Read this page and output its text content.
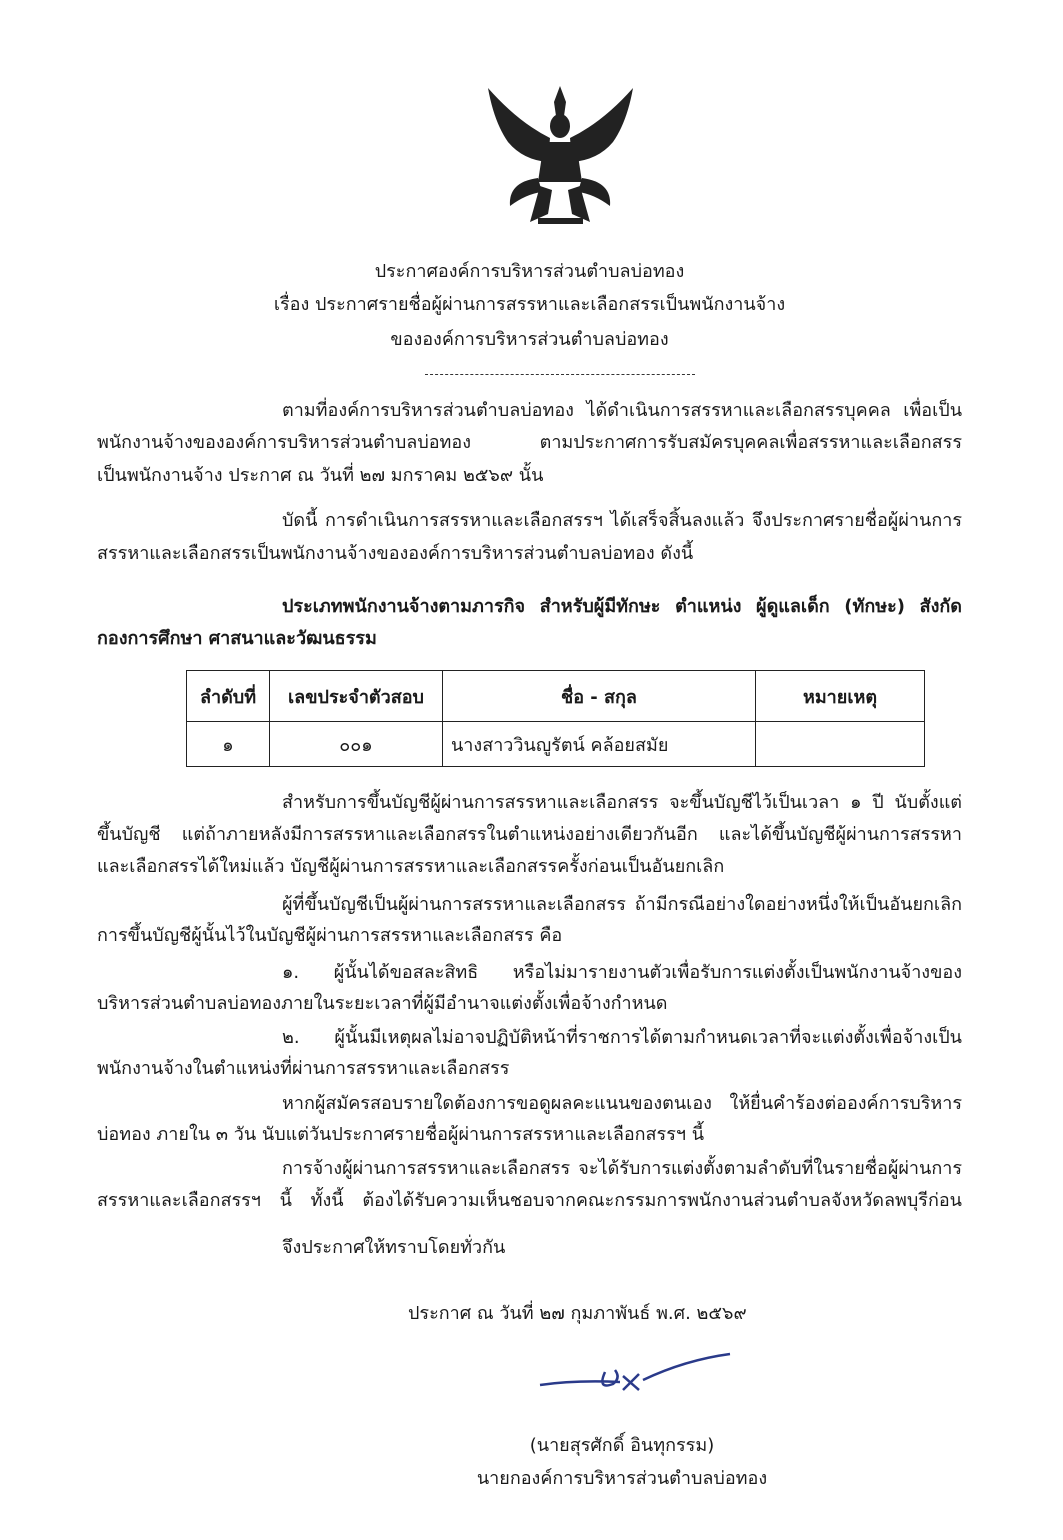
ประกาศองค์การบริหารส่วนตำบลบ่อทอง
เรื่อง ประกาศรายชื่อผู้ผ่านการสรรหาและเลือกสรรเป็นพนักงานจ้าง
ขององค์การบริหารส่วนตำบลบ่อทอง
ตามที่องค์การบริหารส่วนตำบลบ่อทอง ได้ดำเนินการสรรหาและเลือกสรรบุคคล เพื่อเป็น
พนักงานจ้างขององค์การบริหารส่วนตำบลบ่อทอง ตามประกาศการรับสมัครบุคคลเพื่อสรรหาและเลือกสรร
เป็นพนักงานจ้าง ประกาศ ณ วันที่ ๒๗ มกราคม ๒๕๖๙ นั้น
บัดนี้ การดำเนินการสรรหาและเลือกสรรฯ ได้เสร็จสิ้นลงแล้ว จึงประกาศรายชื่อผู้ผ่านการ
สรรหาและเลือกสรรเป็นพนักงานจ้างขององค์การบริหารส่วนตำบลบ่อทอง ดังนี้
ประเภทพนักงานจ้างตามภารกิจ สำหรับผู้มีทักษะ ตำแหน่ง ผู้ดูแลเด็ก (ทักษะ) สังกัด
กองการศึกษา ศาสนาและวัฒนธรรม
ลำดับที่	เลขประจำตัวสอบ	ชื่อ - สกุล	หมายเหตุ
๑	๐๐๑	นางสาววินญูรัตน์ คล้อยสมัย	
สำหรับการขึ้นบัญชีผู้ผ่านการสรรหาและเลือกสรร จะขึ้นบัญชีไว้เป็นเวลา ๑ ปี นับตั้งแต่
ขึ้นบัญชี แต่ถ้าภายหลังมีการสรรหาและเลือกสรรในตำแหน่งอย่างเดียวกันอีก และได้ขึ้นบัญชีผู้ผ่านการสรรหา
และเลือกสรรได้ใหม่แล้ว บัญชีผู้ผ่านการสรรหาและเลือกสรรครั้งก่อนเป็นอันยกเลิก
ผู้ที่ขึ้นบัญชีเป็นผู้ผ่านการสรรหาและเลือกสรร ถ้ามีกรณีอย่างใดอย่างหนึ่งให้เป็นอันยกเลิก
การขึ้นบัญชีผู้นั้นไว้ในบัญชีผู้ผ่านการสรรหาและเลือกสรร คือ
๑. ผู้นั้นได้ขอสละสิทธิ หรือไม่มารายงานตัวเพื่อรับการแต่งตั้งเป็นพนักงานจ้างของ
บริหารส่วนตำบลบ่อทองภายในระยะเวลาที่ผู้มีอำนาจแต่งตั้งเพื่อจ้างกำหนด
๒. ผู้นั้นมีเหตุผลไม่อาจปฏิบัติหน้าที่ราชการได้ตามกำหนดเวลาที่จะแต่งตั้งเพื่อจ้างเป็น
พนักงานจ้างในตำแหน่งที่ผ่านการสรรหาและเลือกสรร
หากผู้สมัครสอบรายใดต้องการขอดูผลคะแนนของตนเอง ให้ยื่นคำร้องต่อองค์การบริหาร
บ่อทอง ภายใน ๓ วัน นับแต่วันประกาศรายชื่อผู้ผ่านการสรรหาและเลือกสรรฯ นี้
การจ้างผู้ผ่านการสรรหาและเลือกสรร จะได้รับการแต่งตั้งตามลำดับที่ในรายชื่อผู้ผ่านการ
สรรหาและเลือกสรรฯ นี้ ทั้งนี้ ต้องได้รับความเห็นชอบจากคณะกรรมการพนักงานส่วนตำบลจังหวัดลพบุรีก่อน
จึงประกาศให้ทราบโดยทั่วกัน
ประกาศ ณ วันที่ ๒๗ กุมภาพันธ์ พ.ศ. ๒๕๖๙
(นายสุรศักดิ์ อินทุกรรม)
นายกองค์การบริหารส่วนตำบลบ่อทอง
